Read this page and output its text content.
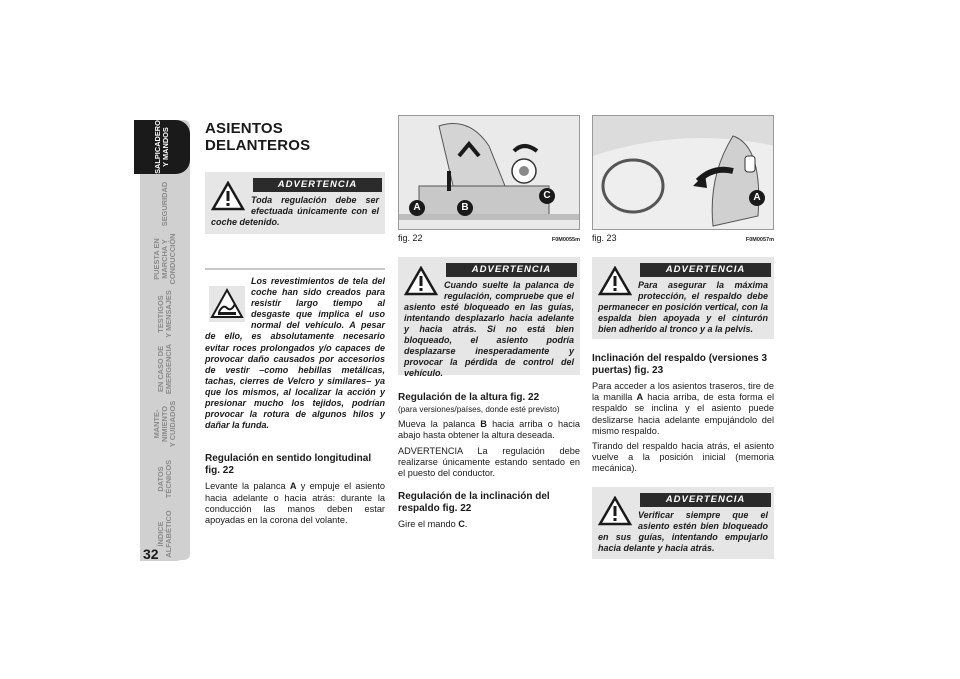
SALPICADERO
Y MANDOS
SEGURIDAD
PUESTA EN
MARCHA Y
CONDUCCIÓN
TESTIGOS
Y MENSAJES
EN CASO DE
EMERGENCIA
MANTE-
NIMIENTO
Y CUIDADOS
DATOS
TÉCNICOS
ÍNDICE
ALFABÉTICO
32
ASIENTOS DELANTEROS
ADVERTENCIA
Toda regulación debe ser efectuada únicamente con el coche detenido.
Los revestimientos de tela del coche han sido creados para resistir largo tiempo al desgaste que implica el uso normal del vehículo. A pesar de ello, es absolutamente necesario evitar roces prolongados y/o capaces de provocar daño causados por accesorios de vestir –como hebillas metálicas, tachas, cierres de Velcro y similares– ya que los mismos, al localizar la acción y presionar mucho los tejidos, podrían provocar la rotura de algunos hilos y dañar la funda.
Regulación en sentido longitudinal fig. 22
Levante la palanca A y empuje el asiento hacia adelante o hacia atrás: durante la conducción las manos deben estar apoyadas en la corona del volante.
A	B
C
fig. 22	F0M0055m
ADVERTENCIA
Cuando suelte la palanca de regulación, compruebe que el asiento esté bloqueado en las guías, intentando desplazarlo hacia adelante y hacia atrás. Si no está bien bloqueado, el asiento podría desplazarse inesperadamente y provocar la pérdida de control del vehículo.
Regulación de la altura fig. 22
(para versiones/países, donde esté previsto)
Mueva la palanca B hacia arriba o hacia abajo hasta obtener la altura deseada.
ADVERTENCIA La regulación debe realizarse únicamente estando sentado en el puesto del conductor.
Regulación de la inclinación del respaldo fig. 22
Gire el mando C.
A
fig. 23	F0M0057m
ADVERTENCIA
Para asegurar la máxima protección, el respaldo debe permanecer en posición vertical, con la espalda bien apoyada y el cinturón bien adherido al tronco y a la pelvis.
Inclinación del respaldo (versiones 3 puertas) fig. 23
Para acceder a los asientos traseros, tire de la manilla A hacia arriba, de esta forma el respaldo se inclina y el asiento puede deslizarse hacia adelante empujándolo del mismo respaldo.
Tirando del respaldo hacia atrás, el asiento vuelve a la posición inicial (memoria mecánica).
ADVERTENCIA
Verificar siempre que el asiento estén bien bloqueado en sus guías, intentando empujarlo hacia delante y hacia atrás.
